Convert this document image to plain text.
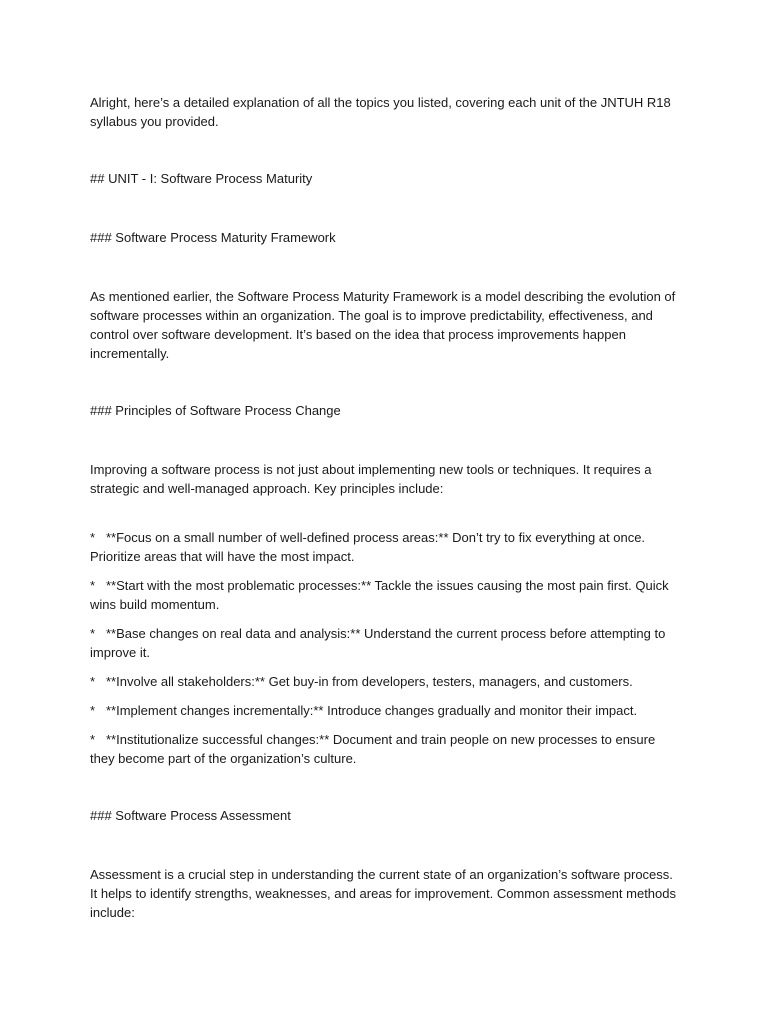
Alright, here’s a detailed explanation of all the topics you listed, covering each unit of the JNTUH R18 syllabus you provided.

## UNIT - I: Software Process Maturity

### Software Process Maturity Framework

As mentioned earlier, the Software Process Maturity Framework is a model describing the evolution of software processes within an organization. The goal is to improve predictability, effectiveness, and control over software development. It’s based on the idea that process improvements happen incrementally.

### Principles of Software Process Change

Improving a software process is not just about implementing new tools or techniques. It requires a strategic and well-managed approach. Key principles include:

* **Focus on a small number of well-defined process areas:** Don’t try to fix everything at once. Prioritize areas that will have the most impact.
* **Start with the most problematic processes:** Tackle the issues causing the most pain first. Quick wins build momentum.
* **Base changes on real data and analysis:** Understand the current process before attempting to improve it.
* **Involve all stakeholders:** Get buy-in from developers, testers, managers, and customers.
* **Implement changes incrementally:** Introduce changes gradually and monitor their impact.
* **Institutionalize successful changes:** Document and train people on new processes to ensure they become part of the organization’s culture.

### Software Process Assessment

Assessment is a crucial step in understanding the current state of an organization’s software process. It helps to identify strengths, weaknesses, and areas for improvement. Common assessment methods include:
